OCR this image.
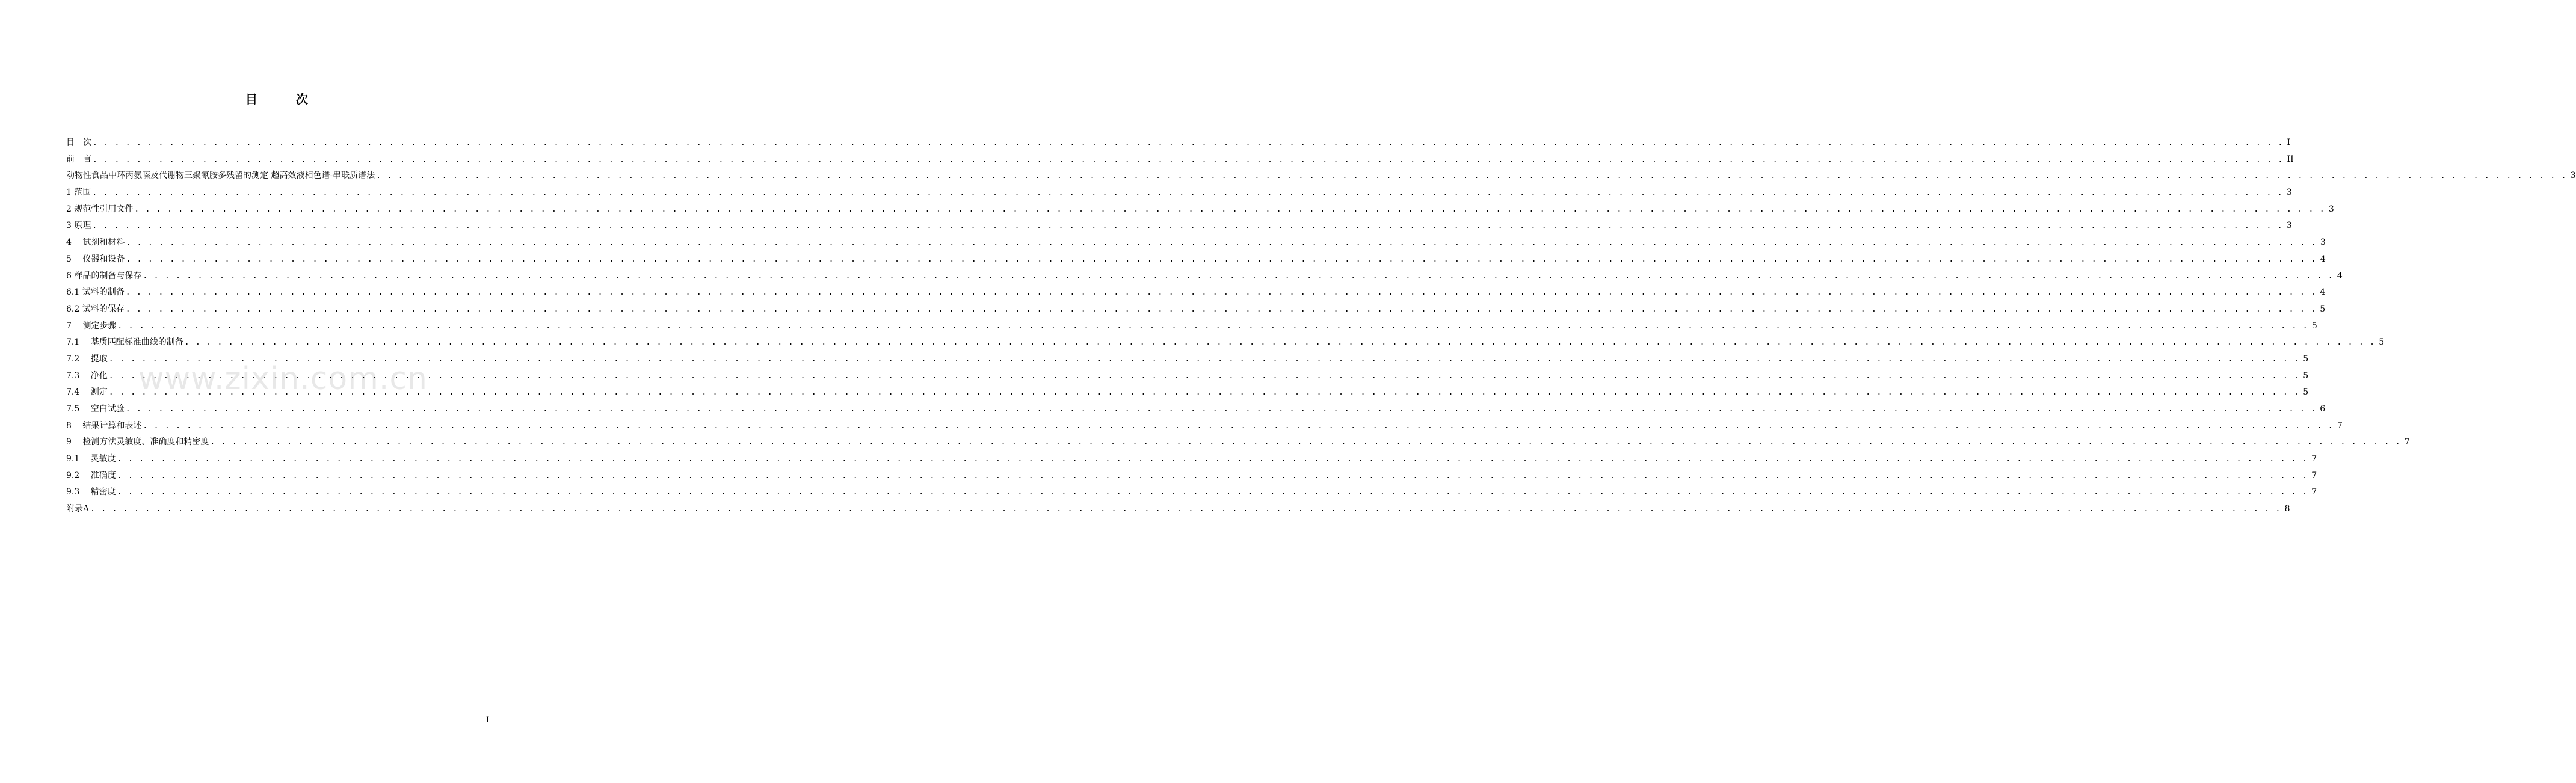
目　次
www.zixin.com.cn
目　次 . . . . . . . . . . . . . . . . . . . . . . . . . . . . . . . . . . . . . . . . . . . . . . . . . . . . . . . . . . . . . . . . . . . . . . . . . . . . . . . . . . . . . . . . . . . . . . . . . . . . . . . . . . . . . . . . . . . . . . . . . . . . . . . . . . . . . . . . . . . . . . . . . . . . . . . . . . . . . . . . . . . . . . . . . . . . . . . . . . . . . . . . . . . . . . . . . . . . . . . . I
前　言 . . . . . . . . . . . . . . . . . . . . . . . . . . . . . . . . . . . . . . . . . . . . . . . . . . . . . . . . . . . . . . . . . . . . . . . . . . . . . . . . . . . . . . . . . . . . . . . . . . . . . . . . . . . . . . . . . . . . . . . . . . . . . . . . . . . . . . . . . . . . . . . . . . . . . . . . . . . . . . . . . . . . . . . . . . . . . . . . . . . . . . . . . . . . . . . . . . . . . . . . II
动物性食品中环丙氨嗪及代谢物三聚氰胺多残留的测定 超高效液相色谱-串联质谱法 . . . . . . . . . . . . . . . . . . . . . . . . . . . . . . . . . . . . . . . . . . . . . . . . . . . . . . . . . . . . . . . . . . . . . . . . . . . . . . . . . . . . . . . . . . . . . . . . . . . . . . . . . . . . . . . . . . . . . . . . . . . . . . . . . . . . . . . . . . . . . . . . . . . . . . . . . . . . . . . . . . . . . . . . . . . . . . . . . . . . . . . . . . . . . . . . . . . . . . . . 3
1 范围 . . . . . . . . . . . . . . . . . . . . . . . . . . . . . . . . . . . . . . . . . . . . . . . . . . . . . . . . . . . . . . . . . . . . . . . . . . . . . . . . . . . . . . . . . . . . . . . . . . . . . . . . . . . . . . . . . . . . . . . . . . . . . . . . . . . . . . . . . . . . . . . . . . . . . . . . . . . . . . . . . . . . . . . . . . . . . . . . . . . . . . . . . . . . . . . . . . . . . . . . 3
2 规范性引用文件 . . . . . . . . . . . . . . . . . . . . . . . . . . . . . . . . . . . . . . . . . . . . . . . . . . . . . . . . . . . . . . . . . . . . . . . . . . . . . . . . . . . . . . . . . . . . . . . . . . . . . . . . . . . . . . . . . . . . . . . . . . . . . . . . . . . . . . . . . . . . . . . . . . . . . . . . . . . . . . . . . . . . . . . . . . . . . . . . . . . . . . . . . . . . . . . . . . . . . . . . 3
3 原理 . . . . . . . . . . . . . . . . . . . . . . . . . . . . . . . . . . . . . . . . . . . . . . . . . . . . . . . . . . . . . . . . . . . . . . . . . . . . . . . . . . . . . . . . . . . . . . . . . . . . . . . . . . . . . . . . . . . . . . . . . . . . . . . . . . . . . . . . . . . . . . . . . . . . . . . . . . . . . . . . . . . . . . . . . . . . . . . . . . . . . . . . . . . . . . . . . . . . . . . . 3
4　 试剂和材料 . . . . . . . . . . . . . . . . . . . . . . . . . . . . . . . . . . . . . . . . . . . . . . . . . . . . . . . . . . . . . . . . . . . . . . . . . . . . . . . . . . . . . . . . . . . . . . . . . . . . . . . . . . . . . . . . . . . . . . . . . . . . . . . . . . . . . . . . . . . . . . . . . . . . . . . . . . . . . . . . . . . . . . . . . . . . . . . . . . . . . . . . . . . . . . . . . . . . . . . . 3
5　 仪器和设备 . . . . . . . . . . . . . . . . . . . . . . . . . . . . . . . . . . . . . . . . . . . . . . . . . . . . . . . . . . . . . . . . . . . . . . . . . . . . . . . . . . . . . . . . . . . . . . . . . . . . . . . . . . . . . . . . . . . . . . . . . . . . . . . . . . . . . . . . . . . . . . . . . . . . . . . . . . . . . . . . . . . . . . . . . . . . . . . . . . . . . . . . . . . . . . . . . . . . . . . . 4
6 样品的制备与保存 . . . . . . . . . . . . . . . . . . . . . . . . . . . . . . . . . . . . . . . . . . . . . . . . . . . . . . . . . . . . . . . . . . . . . . . . . . . . . . . . . . . . . . . . . . . . . . . . . . . . . . . . . . . . . . . . . . . . . . . . . . . . . . . . . . . . . . . . . . . . . . . . . . . . . . . . . . . . . . . . . . . . . . . . . . . . . . . . . . . . . . . . . . . . . . . . . . . . . . . . 4
6.1 试料的制备 . . . . . . . . . . . . . . . . . . . . . . . . . . . . . . . . . . . . . . . . . . . . . . . . . . . . . . . . . . . . . . . . . . . . . . . . . . . . . . . . . . . . . . . . . . . . . . . . . . . . . . . . . . . . . . . . . . . . . . . . . . . . . . . . . . . . . . . . . . . . . . . . . . . . . . . . . . . . . . . . . . . . . . . . . . . . . . . . . . . . . . . . . . . . . . . . . . . . . . . . 4
6.2 试料的保存 . . . . . . . . . . . . . . . . . . . . . . . . . . . . . . . . . . . . . . . . . . . . . . . . . . . . . . . . . . . . . . . . . . . . . . . . . . . . . . . . . . . . . . . . . . . . . . . . . . . . . . . . . . . . . . . . . . . . . . . . . . . . . . . . . . . . . . . . . . . . . . . . . . . . . . . . . . . . . . . . . . . . . . . . . . . . . . . . . . . . . . . . . . . . . . . . . . . . . . . . 5
7　 测定步骤 . . . . . . . . . . . . . . . . . . . . . . . . . . . . . . . . . . . . . . . . . . . . . . . . . . . . . . . . . . . . . . . . . . . . . . . . . . . . . . . . . . . . . . . . . . . . . . . . . . . . . . . . . . . . . . . . . . . . . . . . . . . . . . . . . . . . . . . . . . . . . . . . . . . . . . . . . . . . . . . . . . . . . . . . . . . . . . . . . . . . . . . . . . . . . . . . . . . . . . . . 5
7.1　 基质匹配标准曲线的制备 . . . . . . . . . . . . . . . . . . . . . . . . . . . . . . . . . . . . . . . . . . . . . . . . . . . . . . . . . . . . . . . . . . . . . . . . . . . . . . . . . . . . . . . . . . . . . . . . . . . . . . . . . . . . . . . . . . . . . . . . . . . . . . . . . . . . . . . . . . . . . . . . . . . . . . . . . . . . . . . . . . . . . . . . . . . . . . . . . . . . . . . . . . . . . . . . . . . . . . . . 5
7.2　 提取 . . . . . . . . . . . . . . . . . . . . . . . . . . . . . . . . . . . . . . . . . . . . . . . . . . . . . . . . . . . . . . . . . . . . . . . . . . . . . . . . . . . . . . . . . . . . . . . . . . . . . . . . . . . . . . . . . . . . . . . . . . . . . . . . . . . . . . . . . . . . . . . . . . . . . . . . . . . . . . . . . . . . . . . . . . . . . . . . . . . . . . . . . . . . . . . . . . . . . . . . 5
7.3　 净化 . . . . . . . . . . . . . . . . . . . . . . . . . . . . . . . . . . . . . . . . . . . . . . . . . . . . . . . . . . . . . . . . . . . . . . . . . . . . . . . . . . . . . . . . . . . . . . . . . . . . . . . . . . . . . . . . . . . . . . . . . . . . . . . . . . . . . . . . . . . . . . . . . . . . . . . . . . . . . . . . . . . . . . . . . . . . . . . . . . . . . . . . . . . . . . . . . . . . . . . . 5
7.4　 测定 . . . . . . . . . . . . . . . . . . . . . . . . . . . . . . . . . . . . . . . . . . . . . . . . . . . . . . . . . . . . . . . . . . . . . . . . . . . . . . . . . . . . . . . . . . . . . . . . . . . . . . . . . . . . . . . . . . . . . . . . . . . . . . . . . . . . . . . . . . . . . . . . . . . . . . . . . . . . . . . . . . . . . . . . . . . . . . . . . . . . . . . . . . . . . . . . . . . . . . . . 5
7.5　 空白试验 . . . . . . . . . . . . . . . . . . . . . . . . . . . . . . . . . . . . . . . . . . . . . . . . . . . . . . . . . . . . . . . . . . . . . . . . . . . . . . . . . . . . . . . . . . . . . . . . . . . . . . . . . . . . . . . . . . . . . . . . . . . . . . . . . . . . . . . . . . . . . . . . . . . . . . . . . . . . . . . . . . . . . . . . . . . . . . . . . . . . . . . . . . . . . . . . . . . . . . . . 6
8　 结果计算和表述 . . . . . . . . . . . . . . . . . . . . . . . . . . . . . . . . . . . . . . . . . . . . . . . . . . . . . . . . . . . . . . . . . . . . . . . . . . . . . . . . . . . . . . . . . . . . . . . . . . . . . . . . . . . . . . . . . . . . . . . . . . . . . . . . . . . . . . . . . . . . . . . . . . . . . . . . . . . . . . . . . . . . . . . . . . . . . . . . . . . . . . . . . . . . . . . . . . . . . . . . 7
9　 检测方法灵敏度、准确度和精密度 . . . . . . . . . . . . . . . . . . . . . . . . . . . . . . . . . . . . . . . . . . . . . . . . . . . . . . . . . . . . . . . . . . . . . . . . . . . . . . . . . . . . . . . . . . . . . . . . . . . . . . . . . . . . . . . . . . . . . . . . . . . . . . . . . . . . . . . . . . . . . . . . . . . . . . . . . . . . . . . . . . . . . . . . . . . . . . . . . . . . . . . . . . . . . . . . . . . . . . . . 7
9.1　 灵敏度 . . . . . . . . . . . . . . . . . . . . . . . . . . . . . . . . . . . . . . . . . . . . . . . . . . . . . . . . . . . . . . . . . . . . . . . . . . . . . . . . . . . . . . . . . . . . . . . . . . . . . . . . . . . . . . . . . . . . . . . . . . . . . . . . . . . . . . . . . . . . . . . . . . . . . . . . . . . . . . . . . . . . . . . . . . . . . . . . . . . . . . . . . . . . . . . . . . . . . . . . 7
9.2　 准确度 . . . . . . . . . . . . . . . . . . . . . . . . . . . . . . . . . . . . . . . . . . . . . . . . . . . . . . . . . . . . . . . . . . . . . . . . . . . . . . . . . . . . . . . . . . . . . . . . . . . . . . . . . . . . . . . . . . . . . . . . . . . . . . . . . . . . . . . . . . . . . . . . . . . . . . . . . . . . . . . . . . . . . . . . . . . . . . . . . . . . . . . . . . . . . . . . . . . . . . . . 7
9.3　 精密度 . . . . . . . . . . . . . . . . . . . . . . . . . . . . . . . . . . . . . . . . . . . . . . . . . . . . . . . . . . . . . . . . . . . . . . . . . . . . . . . . . . . . . . . . . . . . . . . . . . . . . . . . . . . . . . . . . . . . . . . . . . . . . . . . . . . . . . . . . . . . . . . . . . . . . . . . . . . . . . . . . . . . . . . . . . . . . . . . . . . . . . . . . . . . . . . . . . . . . . . . 7
附录A . . . . . . . . . . . . . . . . . . . . . . . . . . . . . . . . . . . . . . . . . . . . . . . . . . . . . . . . . . . . . . . . . . . . . . . . . . . . . . . . . . . . . . . . . . . . . . . . . . . . . . . . . . . . . . . . . . . . . . . . . . . . . . . . . . . . . . . . . . . . . . . . . . . . . . . . . . . . . . . . . . . . . . . . . . . . . . . . . . . . . . . . . . . . . . . . . . . . . . . . 8
I
